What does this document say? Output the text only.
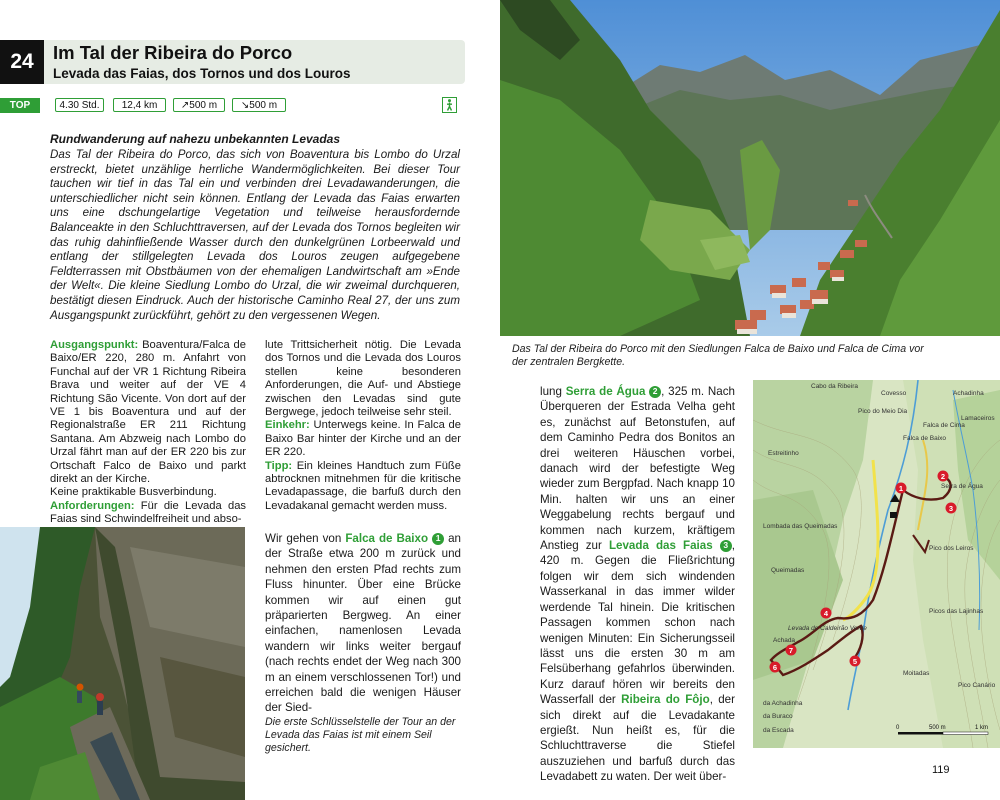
24	Im Tal der Ribeira do Porco
Levada das Faias, dos Tornos und dos Louros
TOP	4.30 Std.	12,4 km	↗500 m	↘500 m
Rundwanderung auf nahezu unbekannten Levadas
Das Tal der Ribeira do Porco, das sich von Boaventura bis Lombo do Urzal erstreckt, bietet unzählige herrliche Wandermöglichkeiten. Bei dieser Tour tauchen wir tief in das Tal ein und verbinden drei Levadawanderungen, die unterschiedlicher nicht sein können. Entlang der Levada das Faias erwarten uns eine dschungelartige Vegetation und teilweise herausfordernde Balanceakte in den Schluchttraversen, auf der Levada dos Tornos begleiten wir das ruhig dahinfließende Wasser durch den dunkelgrünen Lorbeerwald und entlang der stillgelegten Levada dos Louros zeugen aufgegebene Feldterrassen mit Obstbäumen von der ehemaligen Landwirtschaft am »Ende der Welt«. Die kleine Siedlung Lombo do Urzal, die wir zweimal durchqueren, bestätigt diesen Eindruck. Auch der historische Caminho Real 27, der uns zum Ausgangspunkt zurückführt, gehört zu den vergessenen Wegen.
Ausgangspunkt: Boaventura/Falca de Baixo/ER 220, 280 m. Anfahrt von Funchal auf der VR 1 Richtung Ribeira Brava und weiter auf der VE 4 Richtung São Vicente. Von dort auf der VE 1 bis Boaventura und auf der Regionalstraße ER 211 Richtung Santana. Am Abzweig nach Lombo do Urzal fährt man auf der ER 220 bis zur Ortschaft Falco de Baixo und parkt direkt an der Kirche.
Keine praktikable Busverbindung.
Anforderungen: Für die Levada das Faias sind Schwindelfreiheit und abso-
lute Trittsicherheit nötig. Die Levada dos Tornos und die Levada dos Louros stellen keine besonderen Anforderungen, die Auf- und Abstiege zwischen den Levadas sind gute Bergwege, jedoch teilweise sehr steil.
Einkehr: Unterwegs keine. In Falca de Baixo Bar hinter der Kirche und an der ER 220.
Tipp: Ein kleines Handtuch zum Füße abtrocknen mitnehmen für die kritische Levadapassage, die barfuß durch den Levadakanal gemacht werden muss.
Wir gehen von Falca de Baixo 1 an der Straße etwa 200 m zurück und nehmen den ersten Pfad rechts zum Fluss hinunter. Über eine Brücke kommen wir auf einen gut präparierten Bergweg. An einer einfachen, namenlosen Levada wandern wir links weiter bergauf (nach rechts endet der Weg nach 300 m an einem verschlossenen Tor!) und erreichen bald die wenigen Häuser der Sied-
Die erste Schlüsselstelle der Tour an der Levada das Faias ist mit einem Seil gesichert.
Das Tal der Ribeira do Porco mit den Siedlungen Falca de Baixo und Falca de Cima vor der zentralen Bergkette.
lung Serra de Água 2 , 325 m. Nach Überqueren der Estrada Velha geht es, zunächst auf Betonstufen, auf dem Caminho Pedra dos Bonitos an drei weiteren Häuschen vorbei, danach wird der befestigte Weg wieder zum Bergpfad. Nach knapp 10 Min. halten wir uns an einer Weggabelung rechts bergauf und kommen nach kurzem, kräftigem Anstieg zur Levada das Faias 3 , 420 m. Gegen die Fließrichtung folgen wir dem sich windenden Wasserkanal in das immer wilder werdende Tal hinein. Die kritischen Passagen kommen schon nach wenigen Minuten: Ein Sicherungsseil lässt uns die ersten 30 m am Felsüberhang gefahrlos überwinden. Kurz darauf hören wir bereits den Wasserfall der Ribeira do Fôjo, der sich direkt auf die Levadakante ergießt. Nun heißt es, für die Schluchttraverse die Stiefel auszuziehen und barfuß durch das Levadabett zu waten. Der weit über-
1
2
3
4
5
6
7
Cabo da Ribeira
Achadinha
Pico do Meio Dia
Estreitinho
Falca de Cima
Falca de Baixo
Serra de Água
Lombada das Queimadas
Pico dos Leiros
Queimadas
Levada do Caldeirão Verde
Picos das Lajinhas
Achada
Moitadas
Pico Canário
da Achadinha
da Buraco
da Escada
Lamaceiros
Covesso
0	500 m	1 km
119
